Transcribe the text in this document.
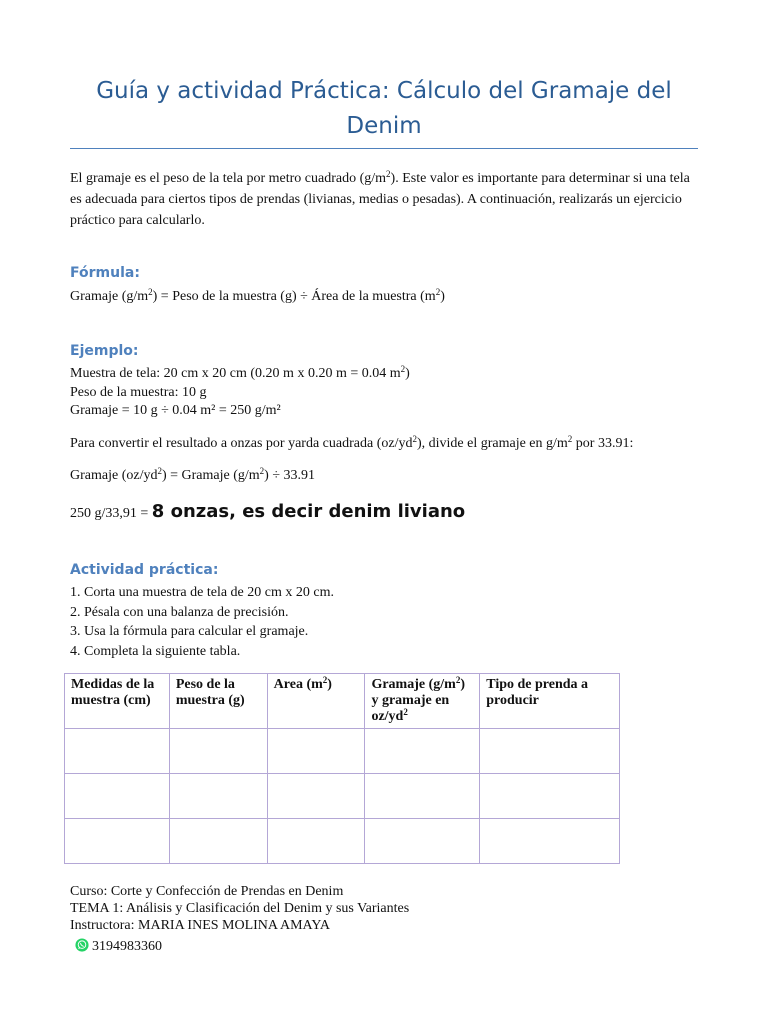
Guía y actividad Práctica: Cálculo del Gramaje del Denim

El gramaje es el peso de la tela por metro cuadrado $(g/m^2)$. Este valor es importante para determinar si una tela es adecuada para ciertos tipos de prendas (livianas, medias o pesadas). A continuación, realizarás un ejercicio práctico para calcularlo.

Fórmula:
Gramaje $(g/m^2)$ = Peso de la muestra (g) ÷ Área de la muestra $(m^2)$
Ejemplo:
Muestra de tela: 20 cm x 20 cm (0.20 m x 0.20 m = 0.04 $m^2$)
Peso de la muestra: 10 g
Gramaje = 10 g ÷ 0.04 m² = 250 g/m²
Para convertir el resultado a onzas por yarda cuadrada $(oz/yd^2)$, divide el gramaje en $g/m^2$ por 33.91:
Gramaje $(oz/yd^2)$ = Gramaje $(g/m^2) \div 33.91$
250 g/33,91 = 8 onzas, es decir denim liviano
Actividad práctica:
1. Corta una muestra de tela de 20 cm x 20 cm.
2. Pésala con una balanza de precisión.
3. Usa la fórmula para calcular el gramaje.
4. Completa la siguiente tabla.
Medidas de la muestra (cm)	Peso de la muestra (g)	Area $(m^2)$	Gramaje $(g/m^2)$ y gramaje en $oz/yd^2$	Tipo de prenda a producir

Curso: Corte y Confección de Prendas en Denim
TEMA 1: Análisis y Clasificación del Denim y sus Variantes
Instructora: MARIA INES MOLINA AMAYA
3194983360
